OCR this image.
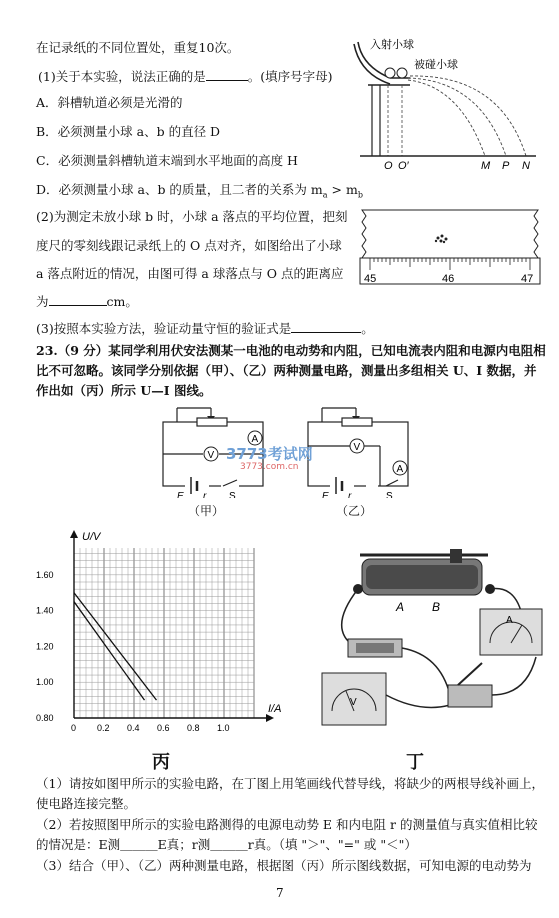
在记录纸的不同位置处，重复10次。
(1)关于本实验，说法正确的是	。(填序号字母)
A．斜槽轨道必须是光滑的
B．必须测量小球 a、b 的直径 D
C．必须测量斜槽轨道末端到水平地面的高度 H
D．必须测量小球 a、b 的质量，且二者的关系为 $m_a > m_b$
(2)为测定未放小球 b 时，小球 a 落点的平均位置，把刻
度尺的零刻线跟记录纸上的 O 点对齐，如图给出了小球
a 落点附近的情况，由图可得 a 球落点与 O 点的距离应
为	cm。
(3)按照本实验方法，验证动量守恒的验证式是	。
入射小球
被碰小球
O O′	M P N
45	46	47
23.（9 分）某同学利用伏安法测某一电池的电动势和内阻，已知电流表内阻和电源内电阻相
比不可忽略。该同学分别依据（甲）、（乙）两种测量电路，测量出多组相关 U、I 数据，并
作出如（丙）所示 U—I 图线。
A
V
E r S
（甲）
V
A
E r	S
（乙）
3773考试网
3773.com.cn
0 0.2 0.4 0.6 0.8 1.0
0.80
1.00
1.20
1.40
1.60
U/V
I/A
丙
A B
A
V
丁
（1）请按如图甲所示的实验电路，在丁图上用笔画线代替导线，将缺少的两根导线补画上，
使电路连接完整。
（2）若按照图甲所示的实验电路测得的电源电动势 E 和内电阻 r 的测量值与真实值相比较
的情况是：E测＿＿＿E真；r测＿＿＿r真。（填 "＞"、"=" 或 "＜"）
（3）结合（甲）、（乙）两种测量电路，根据图（丙）所示图线数据，可知电源的电动势为
7
